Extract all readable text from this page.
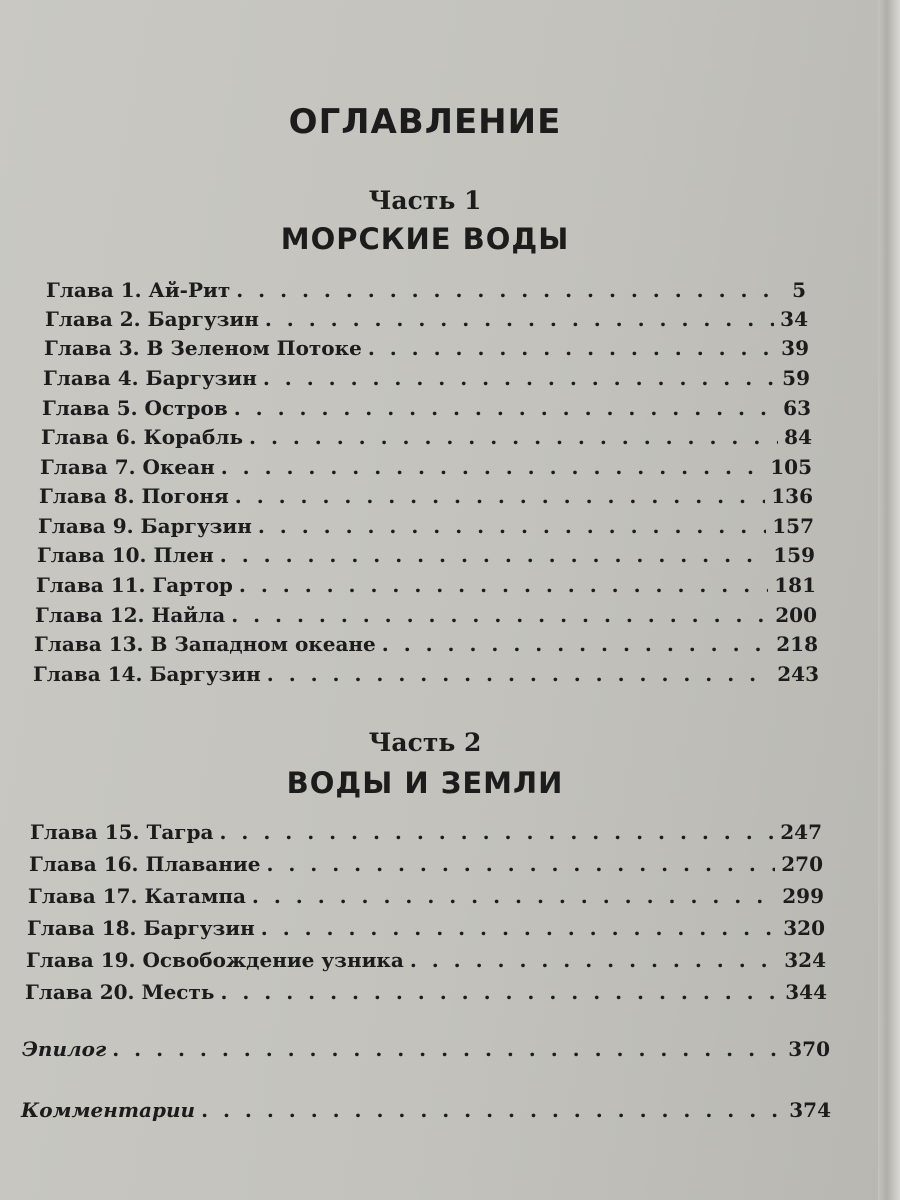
ОГЛАВЛЕНИЕ
Часть 1
МОРСКИЕ ВОДЫ
Глава 1. Ай-Рит . . .	5
Глава 2. Баргузин . . .	34
Глава 3. В Зеленом Потоке . . .	39
Глава 4. Баргузин . . .	59
Глава 5. Остров . . .	63
Глава 6. Корабль . . .	84
Глава 7. Океан . . .	105
Глава 8. Погоня . . .	136
Глава 9. Баргузин . . .	157
Глава 10. Плен . . .	159
Глава 11. Гартор . . .	181
Глава 12. Найла . . .	200
Глава 13. В Западном океане . . .	218
Глава 14. Баргузин . . .	243
Часть 2
ВОДЫ И ЗЕМЛИ
Глава 15. Тагра . . .	247
Глава 16. Плавание . . .	270
Глава 17. Катампа . . .	299
Глава 18. Баргузин . . .	320
Глава 19. Освобождение узника . . .	324
Глава 20. Месть . . .	344
Эпилог . . .	370
Комментарии . . .	374
